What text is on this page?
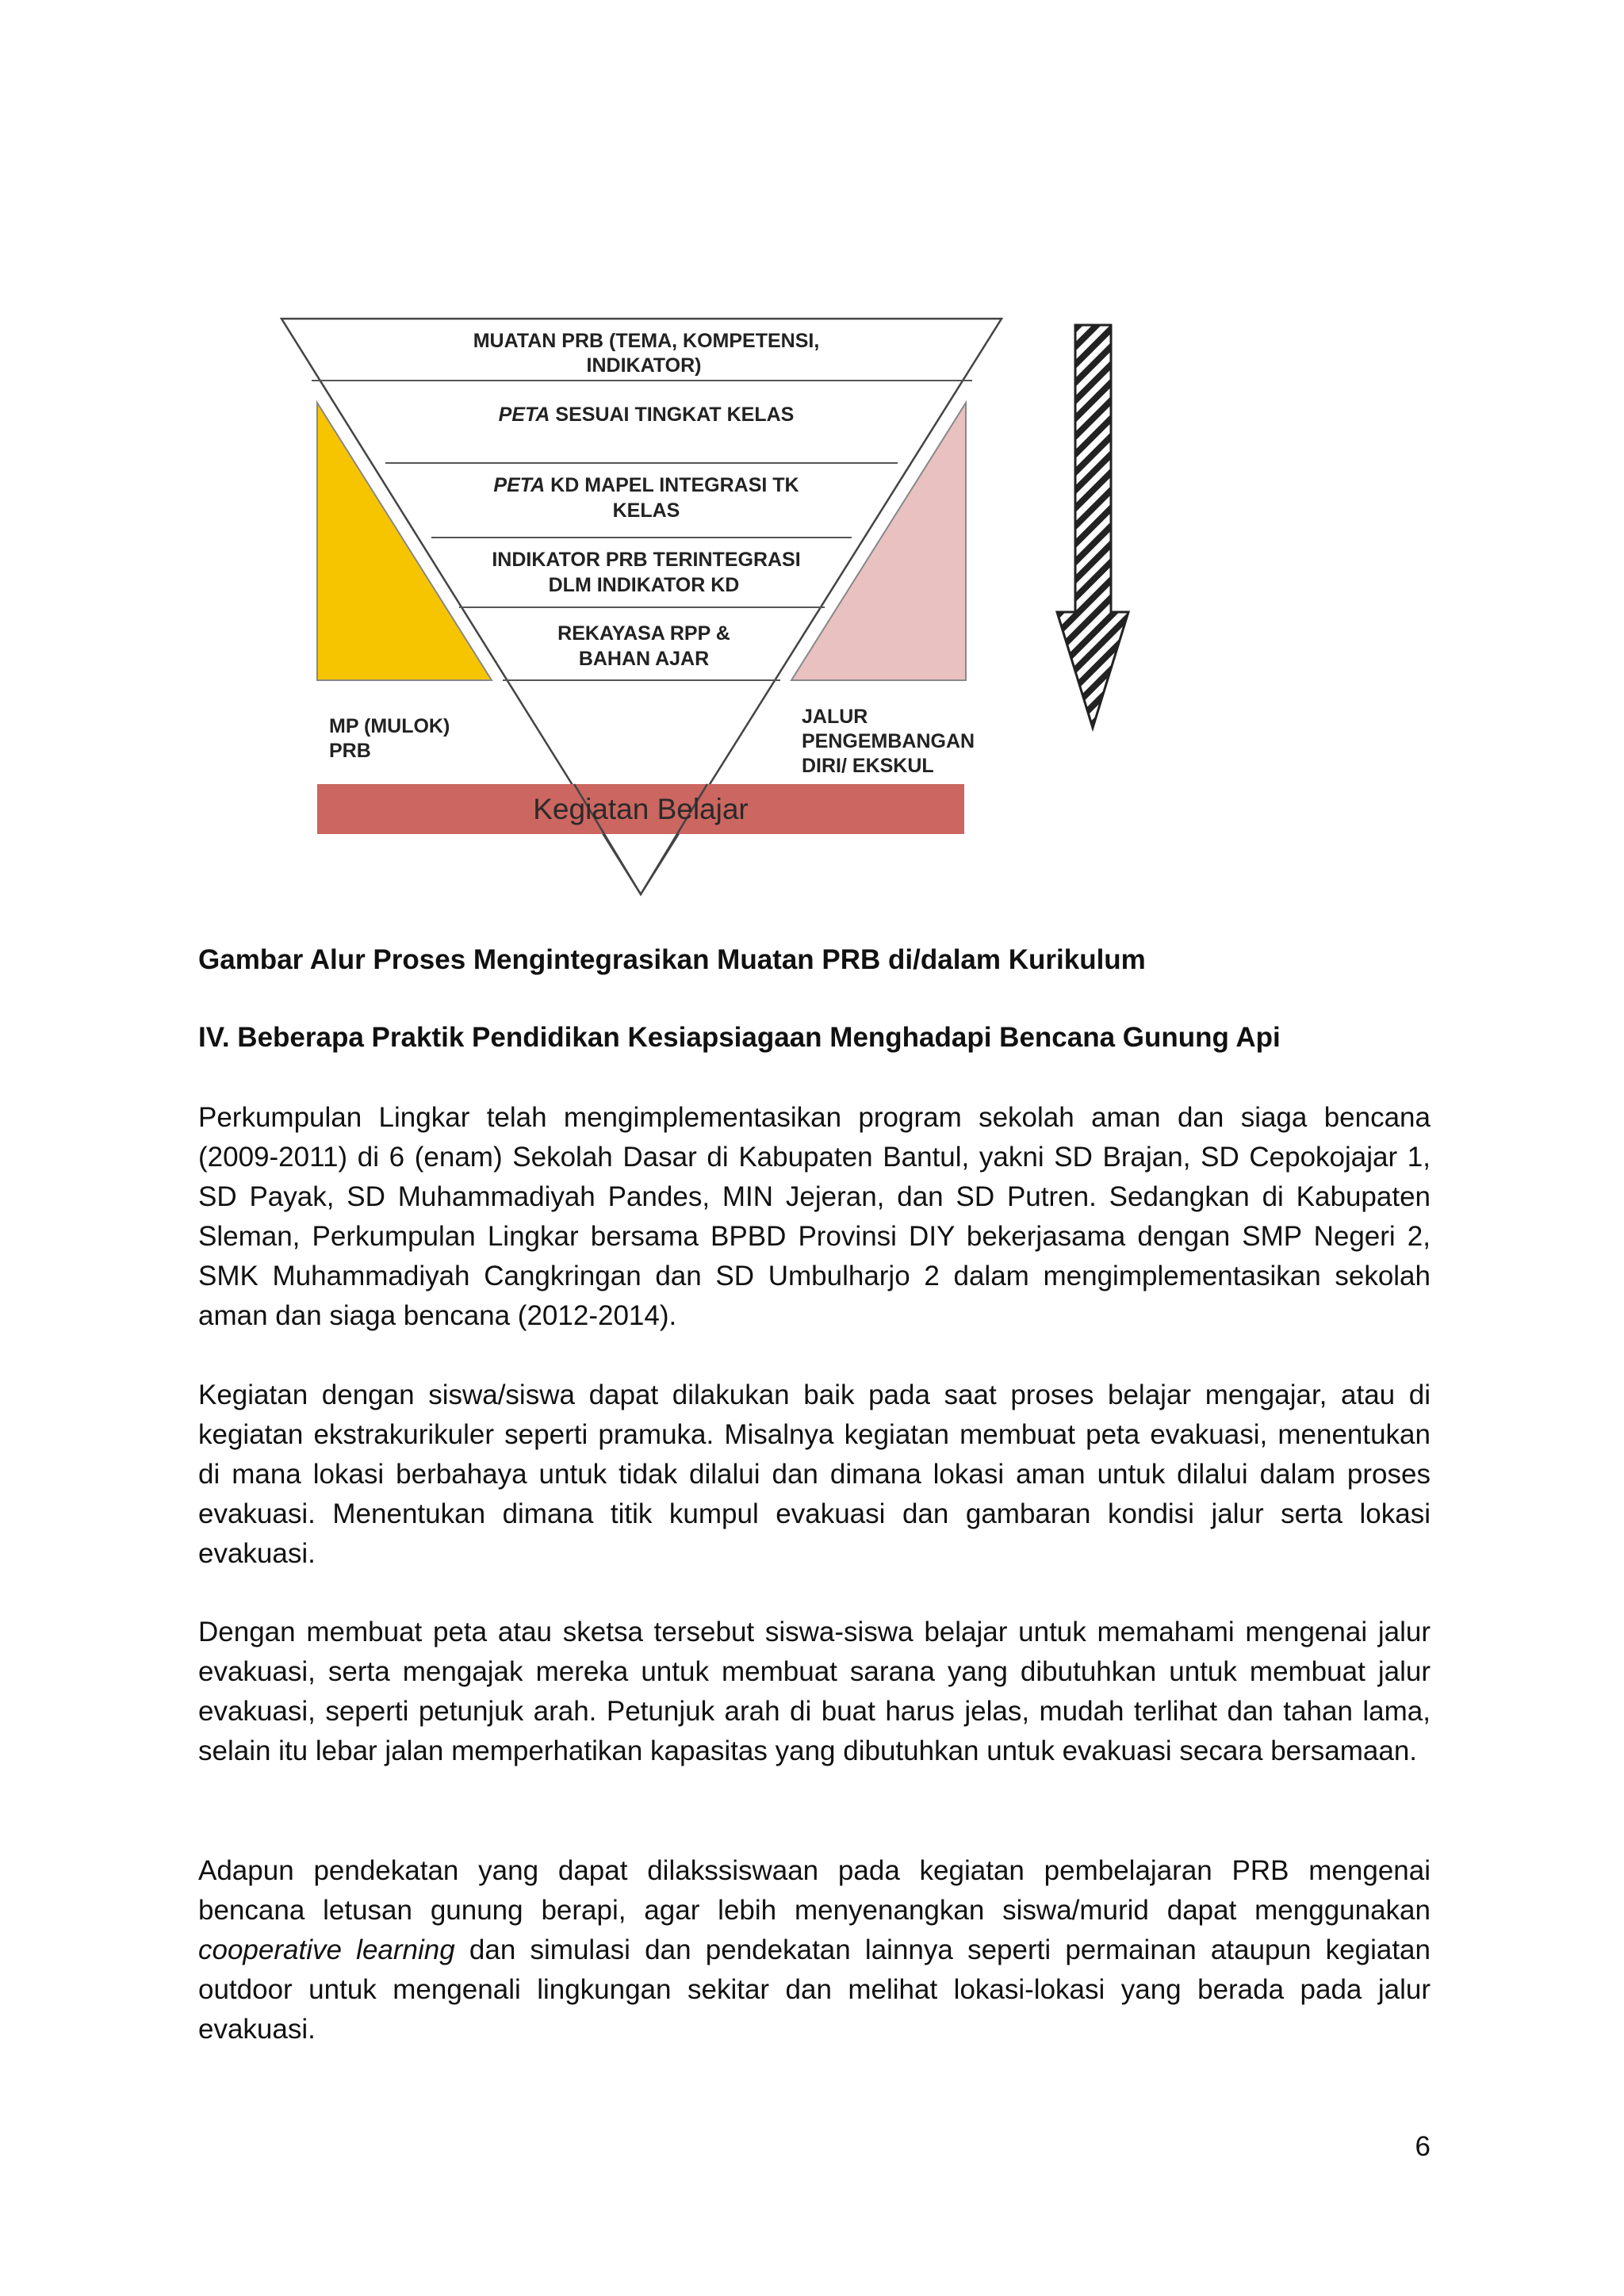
MUATAN PRB (TEMA, KOMPETENSI,
INDIKATOR)
PETA SESUAI TINGKAT KELAS
PETA KD MAPEL INTEGRASI TK
KELAS
INDIKATOR PRB TERINTEGRASI
DLM INDIKATOR KD
REKAYASA RPP &
BAHAN AJAR
MP (MULOK)
PRB
JALUR
PENGEMBANGAN
DIRI/ EKSKUL
Kegiatan Belajar
Gambar Alur Proses Mengintegrasikan Muatan PRB di/dalam Kurikulum
IV. Beberapa Praktik Pendidikan Kesiapsiagaan Menghadapi Bencana Gunung Api

Perkumpulan Lingkar telah mengimplementasikan program sekolah aman dan siaga bencana (2009-2011) di 6 (enam) Sekolah Dasar di Kabupaten Bantul, yakni SD Brajan, SD Cepokojajar 1, SD Payak, SD Muhammadiyah Pandes, MIN Jejeran, dan SD Putren. Sedangkan di Kabupaten Sleman, Perkumpulan Lingkar bersama BPBD Provinsi DIY bekerjasama dengan SMP Negeri 2, SMK Muhammadiyah Cangkringan dan SD Umbulharjo 2 dalam mengimplementasikan sekolah aman dan siaga bencana (2012-2014).

Kegiatan dengan siswa/siswa dapat dilakukan baik pada saat proses belajar mengajar, atau di kegiatan ekstrakurikuler seperti pramuka. Misalnya kegiatan membuat peta evakuasi, menentukan di mana lokasi berbahaya untuk tidak dilalui dan dimana lokasi aman untuk dilalui dalam proses evakuasi. Menentukan dimana titik kumpul evakuasi dan gambaran kondisi jalur serta lokasi evakuasi.

Dengan membuat peta atau sketsa tersebut siswa-siswa belajar untuk memahami mengenai jalur evakuasi, serta mengajak mereka untuk membuat sarana yang dibutuhkan untuk membuat jalur evakuasi, seperti petunjuk arah. Petunjuk arah di buat harus jelas, mudah terlihat dan tahan lama, selain itu lebar jalan memperhatikan kapasitas yang dibutuhkan untuk evakuasi secara bersamaan.

Adapun pendekatan yang dapat dilakssiswaan pada kegiatan pembelajaran PRB mengenai bencana letusan gunung berapi, agar lebih menyenangkan siswa/murid dapat menggunakan cooperative learning dan simulasi dan pendekatan lainnya seperti permainan ataupun kegiatan outdoor untuk mengenali lingkungan sekitar dan melihat lokasi-lokasi yang berada pada jalur evakuasi.

6
